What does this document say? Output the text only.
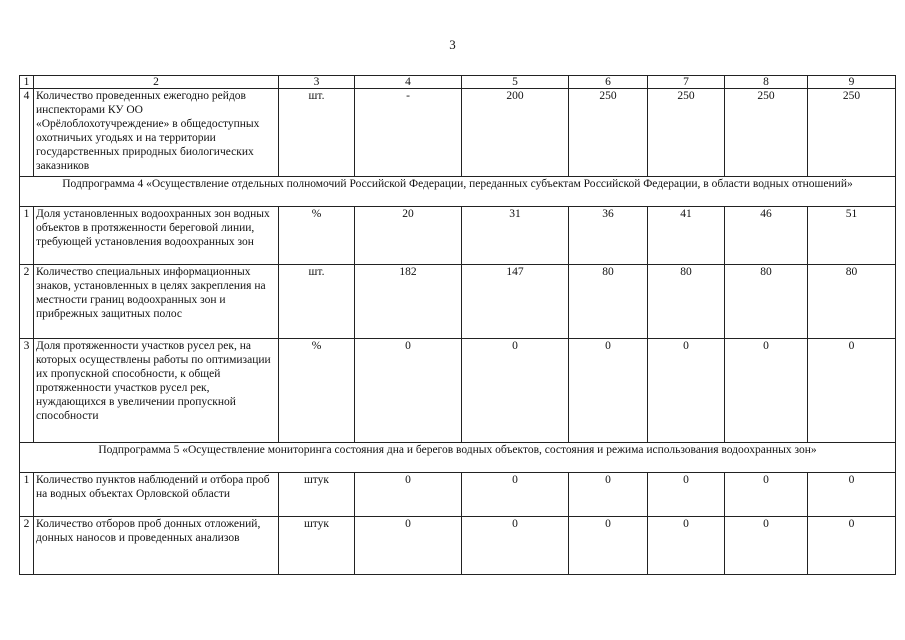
3
1	2	3	4	5	6	7	8	9
4	Количество проведенных ежегодно рейдов инспекторами КУ ОО «Орёлоблохотучреждение» в общедоступных охотничьих угодьях и на территории государственных природных биологических заказников	шт.	-	200	250	250	250	250
Подпрограмма 4 «Осуществление отдельных полномочий Российской Федерации, переданных субъектам Российской Федерации, в области водных отношений»								
1	Доля установленных водоохранных зон водных объектов в протяженности береговой линии, требующей установления водоохранных зон	%	20	31	36	41	46	51
2	Количество специальных информационных знаков, установленных в целях закрепления на местности границ водоохранных зон и прибрежных защитных полос	шт.	182	147	80	80	80	80
3	Доля протяженности участков русел рек, на которых осуществлены работы по оптимизации их пропускной способности, к общей протяженности участков русел рек, нуждающихся в увеличении пропускной способности	%	0	0	0	0	0	0
Подпрограмма 5 «Осуществление мониторинга состояния дна и берегов водных объектов, состояния и режима использования водоохранных зон»								
1	Количество пунктов наблюдений и отбора проб на водных объектах Орловской области	штук	0	0	0	0	0	0
2	Количество отборов проб донных отложений, донных наносов и проведенных анализов	штук	0	0	0	0	0	0
